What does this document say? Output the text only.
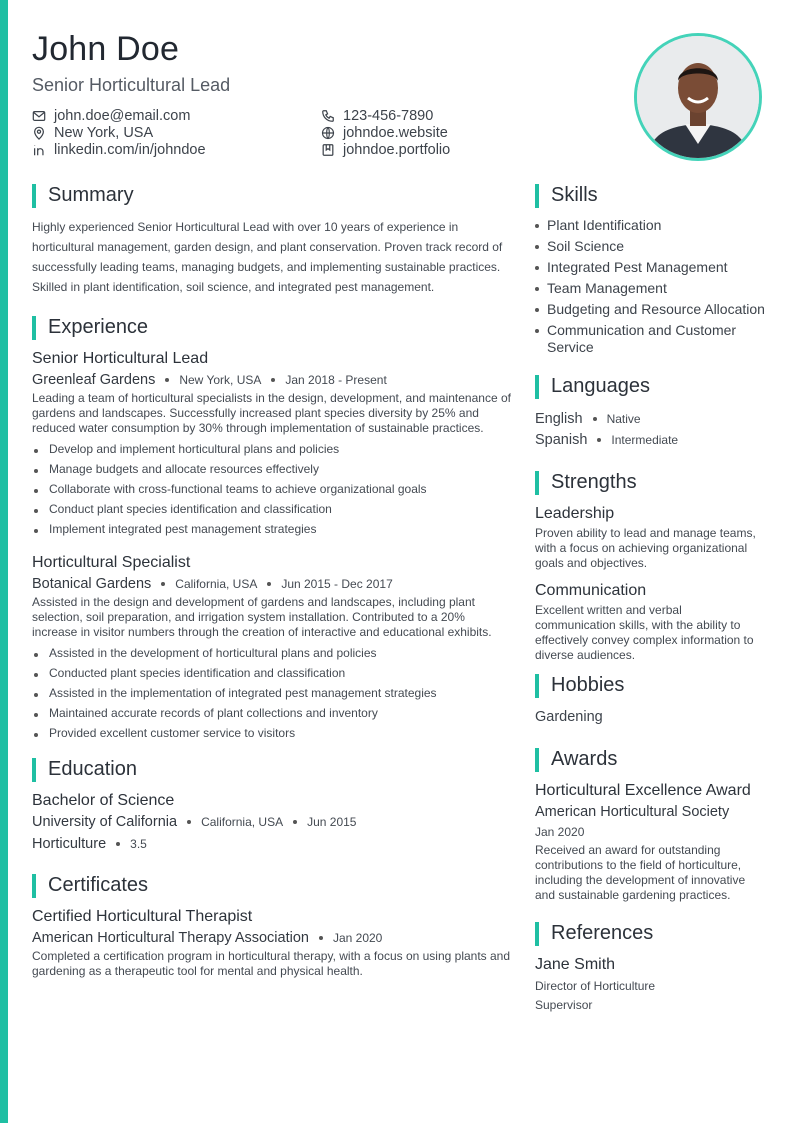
John Doe
Senior Horticultural Lead
john.doe@email.com	123-456-7890
New York, USA	johndoe.website
linkedin.com/in/johndoe	johndoe.portfolio
Summary

Highly experienced Senior Horticultural Lead with over 10 years of experience in horticultural management, garden design, and plant conservation. Proven track record of successfully leading teams, managing budgets, and implementing sustainable practices. Skilled in plant identification, soil science, and integrated pest management.

Experience
Senior Horticultural Lead
Greenleaf Gardens New York, USA Jan 2018 - Present

Leading a team of horticultural specialists in the design, development, and maintenance of gardens and landscapes. Successfully increased plant species diversity by 25% and reduced water consumption by 30% through implementation of sustainable practices.

Develop and implement horticultural plans and policies
Manage budgets and allocate resources effectively
Collaborate with cross-functional teams to achieve organizational goals
Conduct plant species identification and classification
Implement integrated pest management strategies
Horticultural Specialist
Botanical Gardens California, USA Jun 2015 - Dec 2017

Assisted in the design and development of gardens and landscapes, including plant selection, soil preparation, and irrigation system installation. Contributed to a 20% increase in visitor numbers through the creation of interactive and educational exhibits.

Assisted in the development of horticultural plans and policies
Conducted plant species identification and classification
Assisted in the implementation of integrated pest management strategies
Maintained accurate records of plant collections and inventory
Provided excellent customer service to visitors
Education
Bachelor of Science
University of California California, USA Jun 2015
Horticulture 3.5
Certificates
Certified Horticultural Therapist
American Horticultural Therapy Association Jan 2020

Completed a certification program in horticultural therapy, with a focus on using plants and gardening as a therapeutic tool for mental and physical health.

Skills
Plant Identification
Soil Science
Integrated Pest Management
Team Management
Budgeting and Resource Allocation
Communication and Customer Service
Languages
English Native
Spanish Intermediate
Strengths
Leadership

Proven ability to lead and manage teams, with a focus on achieving organizational goals and objectives.

Communication

Excellent written and verbal communication skills, with the ability to effectively convey complex information to diverse audiences.

Hobbies
Gardening
Awards
Horticultural Excellence Award
American Horticultural Society
Jan 2020

Received an award for outstanding contributions to the field of horticulture, including the development of innovative and sustainable gardening practices.

References
Jane Smith
Director of Horticulture
Supervisor
